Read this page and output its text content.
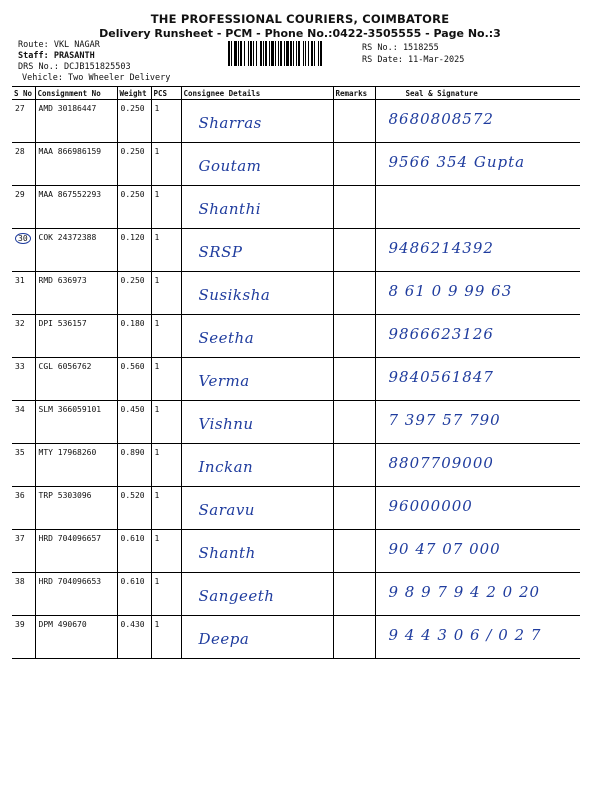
THE PROFESSIONAL COURIERS, COIMBATORE
Delivery Runsheet - PCM - Phone No.:0422-3505555 - Page No.:3
Route: VKL NAGAR
Staff: PRASANTH
DRS No.: DCJB151825503
Vehicle: Two Wheeler Delivery
RS No.: 1518255
RS Date: 11-Mar-2025
S No	Consignment No	Weight	PCS	Consignee Details	Remarks	Seal & Signature
27	AMD 30186447	0.250	1	Sharras		8680808572

28	MAA 866986159	0.250	1	Goutam		9566 354 Gupta

29	MAA 867552293	0.250	1	Shanthi		

30	COK 24372388	0.120	1	SRSP		9486214392

31	RMD 636973	0.250	1	Susiksha		8 61 0 9 99 63

32	DPI 536157	0.180	1	Seetha		9866623126

33	CGL 6056762	0.560	1	Verma		9840561847

34	SLM 366059101	0.450	1	Vishnu		7 397 57 790

35	MTY 17968260	0.890	1	Inckan		8807709000

36	TRP 5303096	0.520	1	Saravu		96000000

37	HRD 704096657	0.610	1	Shanth		90 47 07 000

38	HRD 704096653	0.610	1	Sangeeth		9 8 9 7 9 4 2 0 20

39	DPM 490670	0.430	1	Deepa		9 4 4 3 0 6 / 0 2 7
